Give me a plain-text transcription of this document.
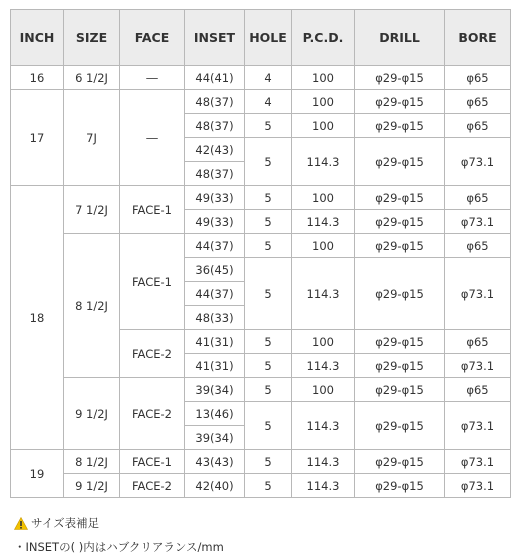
INCH	SIZE	FACE	INSET	HOLE	P.C.D.	DRILL	BORE
16	6 1/2J	―	44(41)	4	100	φ29-φ15	φ65
17	7J	―	48(37)	4	100	φ29-φ15	φ65
			48(37)	5	100	φ29-φ15	φ65
			42(43)	5	114.3	φ29-φ15	φ73.1
			48(37)				
18	7 1/2J	FACE-1	49(33)	5	100	φ29-φ15	φ65
			49(33)	5	114.3	φ29-φ15	φ73.1
	8 1/2J	FACE-1	44(37)	5	100	φ29-φ15	φ65
			36(45)	5	114.3	φ29-φ15	φ73.1
			44(37)				
			48(33)				
		FACE-2	41(31)	5	100	φ29-φ15	φ65
			41(31)	5	114.3	φ29-φ15	φ73.1
	9 1/2J	FACE-2	39(34)	5	100	φ29-φ15	φ65
			13(46)	5	114.3	φ29-φ15	φ73.1
			39(34)				
19	8 1/2J	FACE-1	43(43)	5	114.3	φ29-φ15	φ73.1
	9 1/2J	FACE-2	42(40)	5	114.3	φ29-φ15	φ73.1
サイズ表補足
・INSETの( )内はハブクリアランス/mm
